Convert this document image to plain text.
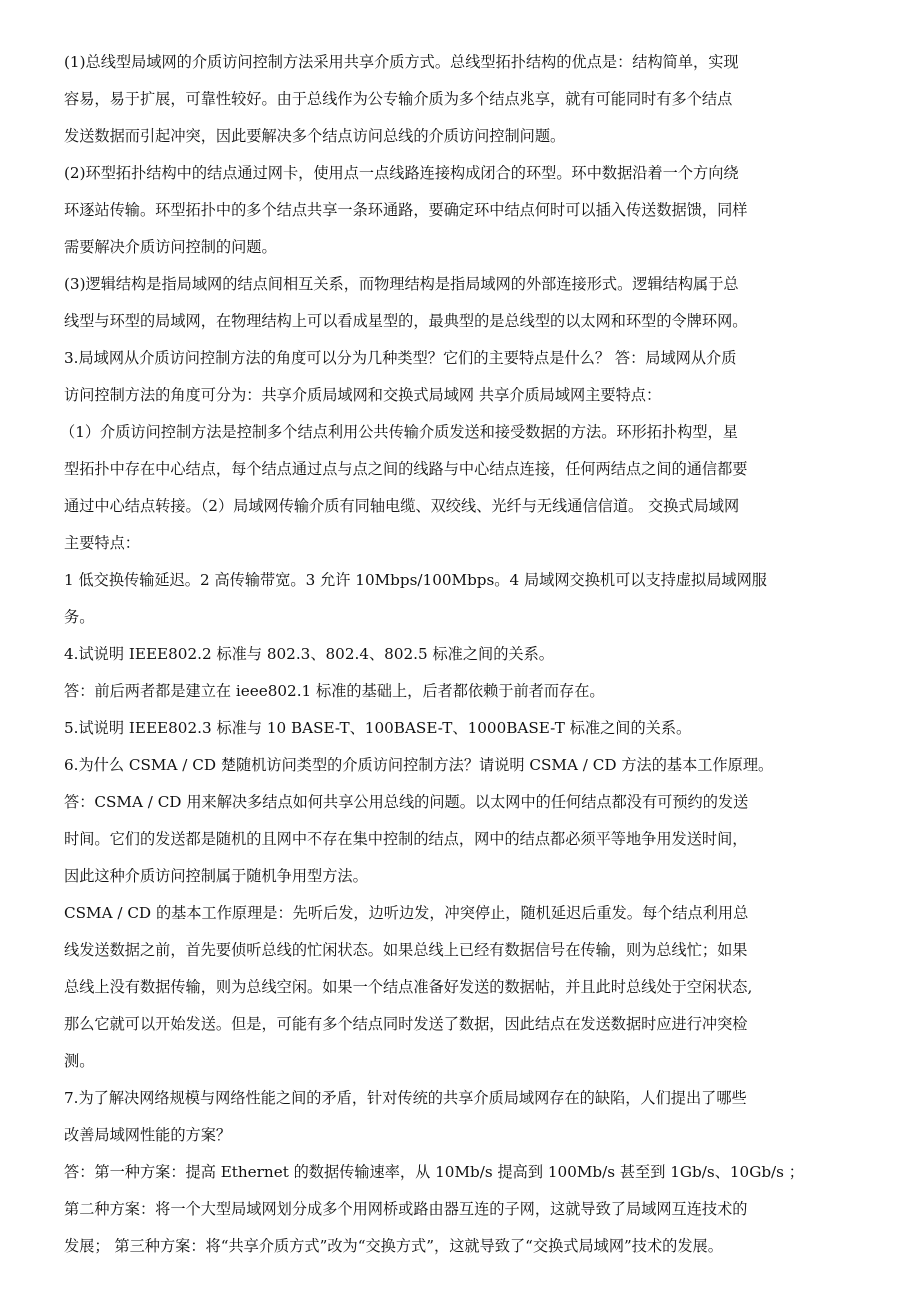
(1)总线型局域网的介质访问控制方法采用共享介质方式。总线型拓扑结构的优点是：结构简单，实现
容易，易于扩展，可靠性较好。由于总线作为公专输介质为多个结点兆享，就有可能同时有多个结点
发送数据而引起冲突，因此要解决多个结点访问总线的介质访问控制问题。
(2)环型拓扑结构中的结点通过网卡，使用点一点线路连接构成闭合的环型。环中数据沿着一个方向绕
环逐站传输。环型拓扑中的多个结点共享一条环通路，要确定环中结点何时可以插入传送数据馈，同样
需要解决介质访问控制的问题。
(3)逻辑结构是指局域网的结点间相互关系，而物理结构是指局域网的外部连接形式。逻辑结构属于总
线型与环型的局域网，在物理结构上可以看成星型的，最典型的是总线型的以太网和环型的令牌环网。
3.局域网从介质访问控制方法的角度可以分为几种类型？它们的主要特点是什么？ 答：局域网从介质
访问控制方法的角度可分为：共享介质局域网和交换式局域网 共享介质局域网主要特点：
（1）介质访问控制方法是控制多个结点利用公共传输介质发送和接受数据的方法。环形拓扑构型，星
型拓扑中存在中心结点，每个结点通过点与点之间的线路与中心结点连接，任何两结点之间的通信都要
通过中心结点转接。（2）局域网传输介质有同轴电缆、双绞线、光纤与无线通信信道。 交换式局域网
主要特点：
1 低交换传输延迟。2 高传输带宽。3 允许 10Mbps/100Mbps。4 局域网交换机可以支持虚拟局域网服
务。
4.试说明 IEEE802.2 标准与 802.3、802.4、802.5 标准之间的关系。
答：前后两者都是建立在 ieee802.1 标准的基础上，后者都依赖于前者而存在。
5.试说明 IEEE802.3 标准与 10 BASE-T、100BASE-T、1000BASE-T 标准之间的关系。
6.为什么 CSMA / CD 楚随机访问类型的介质访问控制方法？请说明 CSMA / CD 方法的基本工作原理。
答：CSMA / CD 用来解决多结点如何共享公用总线的问题。以太网中的任何结点都没有可预约的发送
时间。它们的发送都是随机的且网中不存在集中控制的结点，网中的结点都必须平等地争用发送时间，
因此这种介质访问控制属于随机争用型方法。
CSMA / CD 的基本工作原理是：先听后发，边听边发，冲突停止，随机延迟后重发。每个结点利用总
线发送数据之前，首先要侦听总线的忙闲状态。如果总线上已经有数据信号在传输，则为总线忙；如果
总线上没有数据传输，则为总线空闲。如果一个结点准备好发送的数据帖，并且此时总线处于空闲状态,
那么它就可以开始发送。但是，可能有多个结点同时发送了数据，因此结点在发送数据时应进行冲突检
测。
7.为了解决网络规模与网络性能之间的矛盾，针对传统的共享介质局域网存在的缺陷，人们提出了哪些
改善局域网性能的方案？
答：第一种方案：提高 Ethernet 的数据传输速率，从 10Mb/s 提高到 100Mb/s 甚至到 1Gb/s、10Gb/s ；
第二种方案：将一个大型局域网划分成多个用网桥或路由器互连的子网，这就导致了局域网互连技术的
发展； 第三种方案：将“共享介质方式”改为“交换方式”，这就导致了“交换式局域网”技术的发展。
